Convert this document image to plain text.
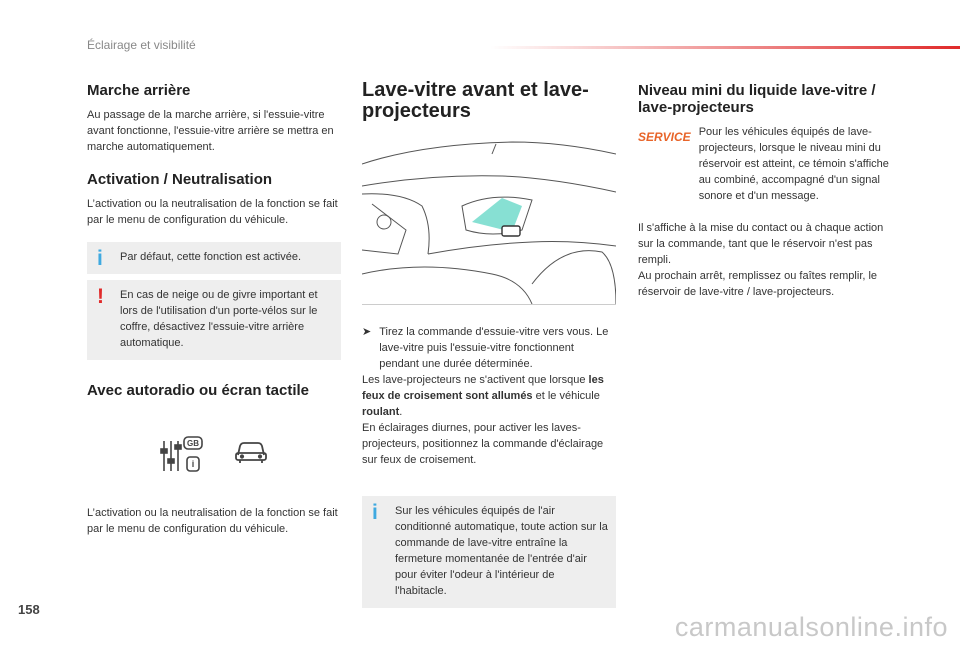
Éclairage et visibilité
Marche arrière

Au passage de la marche arrière, si l'essuie-vitre avant fonctionne, l'essuie-vitre arrière se mettra en marche automatiquement.

Activation / Neutralisation

L’activation ou la neutralisation de la fonction se fait par le menu de configuration du véhicule.

i Par défaut, cette fonction est activée.

! En cas de neige ou de givre important et lors de l'utilisation d'un porte-vélos sur le coffre, désactivez l'essuie-vitre arrière automatique.

Avec autoradio ou écran tactile
GB
i

L’activation ou la neutralisation de la fonction se fait par le menu de configuration du véhicule.

Lave-vitre avant et lave-projecteurs
➤ Tirez la commande d'essuie-vitre vers vous. Le lave-vitre puis l'essuie-vitre fonctionnent pendant une durée déterminée.

Les lave-projecteurs ne s'activent que lorsque les feux de croisement sont allumés et le véhicule roulant.

En éclairages diurnes, pour activer les laves-projecteurs, positionnez la commande d'éclairage sur feux de croisement.

i Sur les véhicules équipés de l'air conditionné automatique, toute action sur la commande de lave-vitre entraîne la fermeture momentanée de l'entrée d'air pour éviter l'odeur à l'intérieur de l'habitacle.

Niveau mini du liquide lave-vitre / lave-projecteurs
SERVICE Pour les véhicules équipés de lave-projecteurs, lorsque le niveau mini du réservoir est atteint, ce témoin s'affiche au combiné, accompagné d'un signal sonore et d'un message.

Il s'affiche à la mise du contact ou à chaque action sur la commande, tant que le réservoir n'est pas rempli.

Au prochain arrêt, remplissez ou faîtes remplir, le réservoir de lave-vitre / lave-projecteurs.

158
carmanualsonline.info
